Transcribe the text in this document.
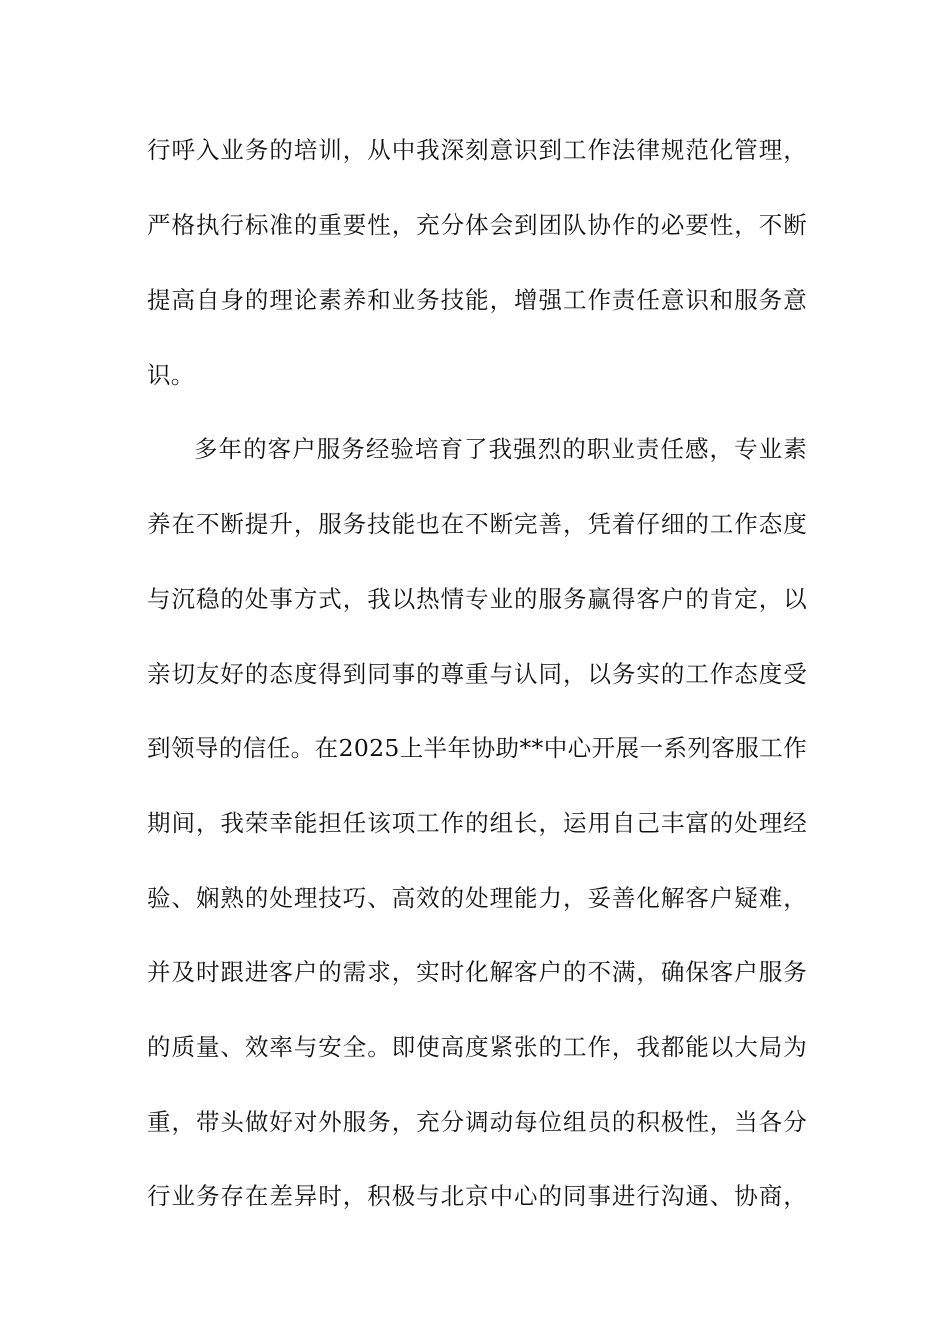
行呼入业务的培训，从中我深刻意识到工作法律规范化管理，
严格执行标准的重要性，充分体会到团队协作的必要性，不断
提高自身的理论素养和业务技能，增强工作责任意识和服务意
识。
多年的客户服务经验培育了我强烈的职业责任感，专业素
养在不断提升，服务技能也在不断完善，凭着仔细的工作态度
与沉稳的处事方式，我以热情专业的服务赢得客户的肯定，以
亲切友好的态度得到同事的尊重与认同，以务实的工作态度受
到领导的信任。在2025上半年协助**中心开展一系列客服工作
期间，我荣幸能担任该项工作的组长，运用自己丰富的处理经
验、娴熟的处理技巧、高效的处理能力，妥善化解客户疑难，
并及时跟进客户的需求，实时化解客户的不满，确保客户服务
的质量、效率与安全。即使高度紧张的工作，我都能以大局为
重，带头做好对外服务，充分调动每位组员的积极性，当各分
行业务存在差异时，积极与北京中心的同事进行沟通、协商，
